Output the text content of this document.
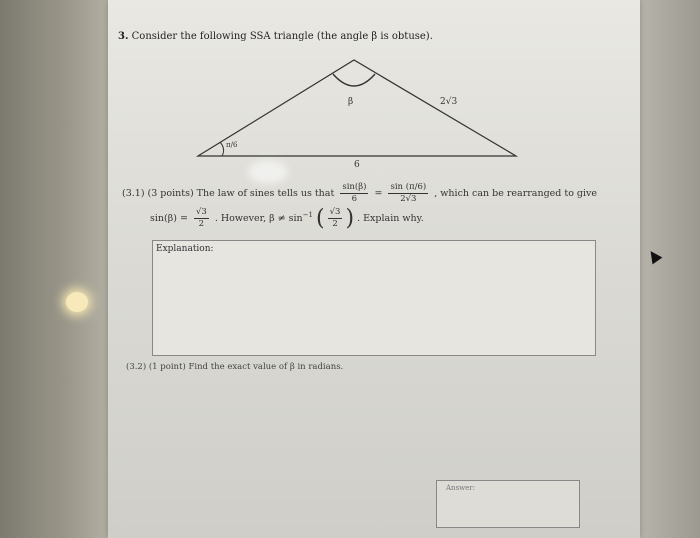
3. Consider the following SSA triangle (the angle β is obtuse).
β
π/6
2√3
6
(3.1) (3 points) The law of sines tells us that $\frac{\sin(\beta)}{6} = \frac{\sin (\pi/6)}{2√3}$ , which can be rearranged to give
$\sin(\beta) = \frac{√3}{2}$ . However, $\beta \ne \sin^{-1}$ ( $\frac{√3}{2}$ ) . Explain why.
Explanation:
(3.2) (1 point) Find the exact value of β in radians.
Answer:
